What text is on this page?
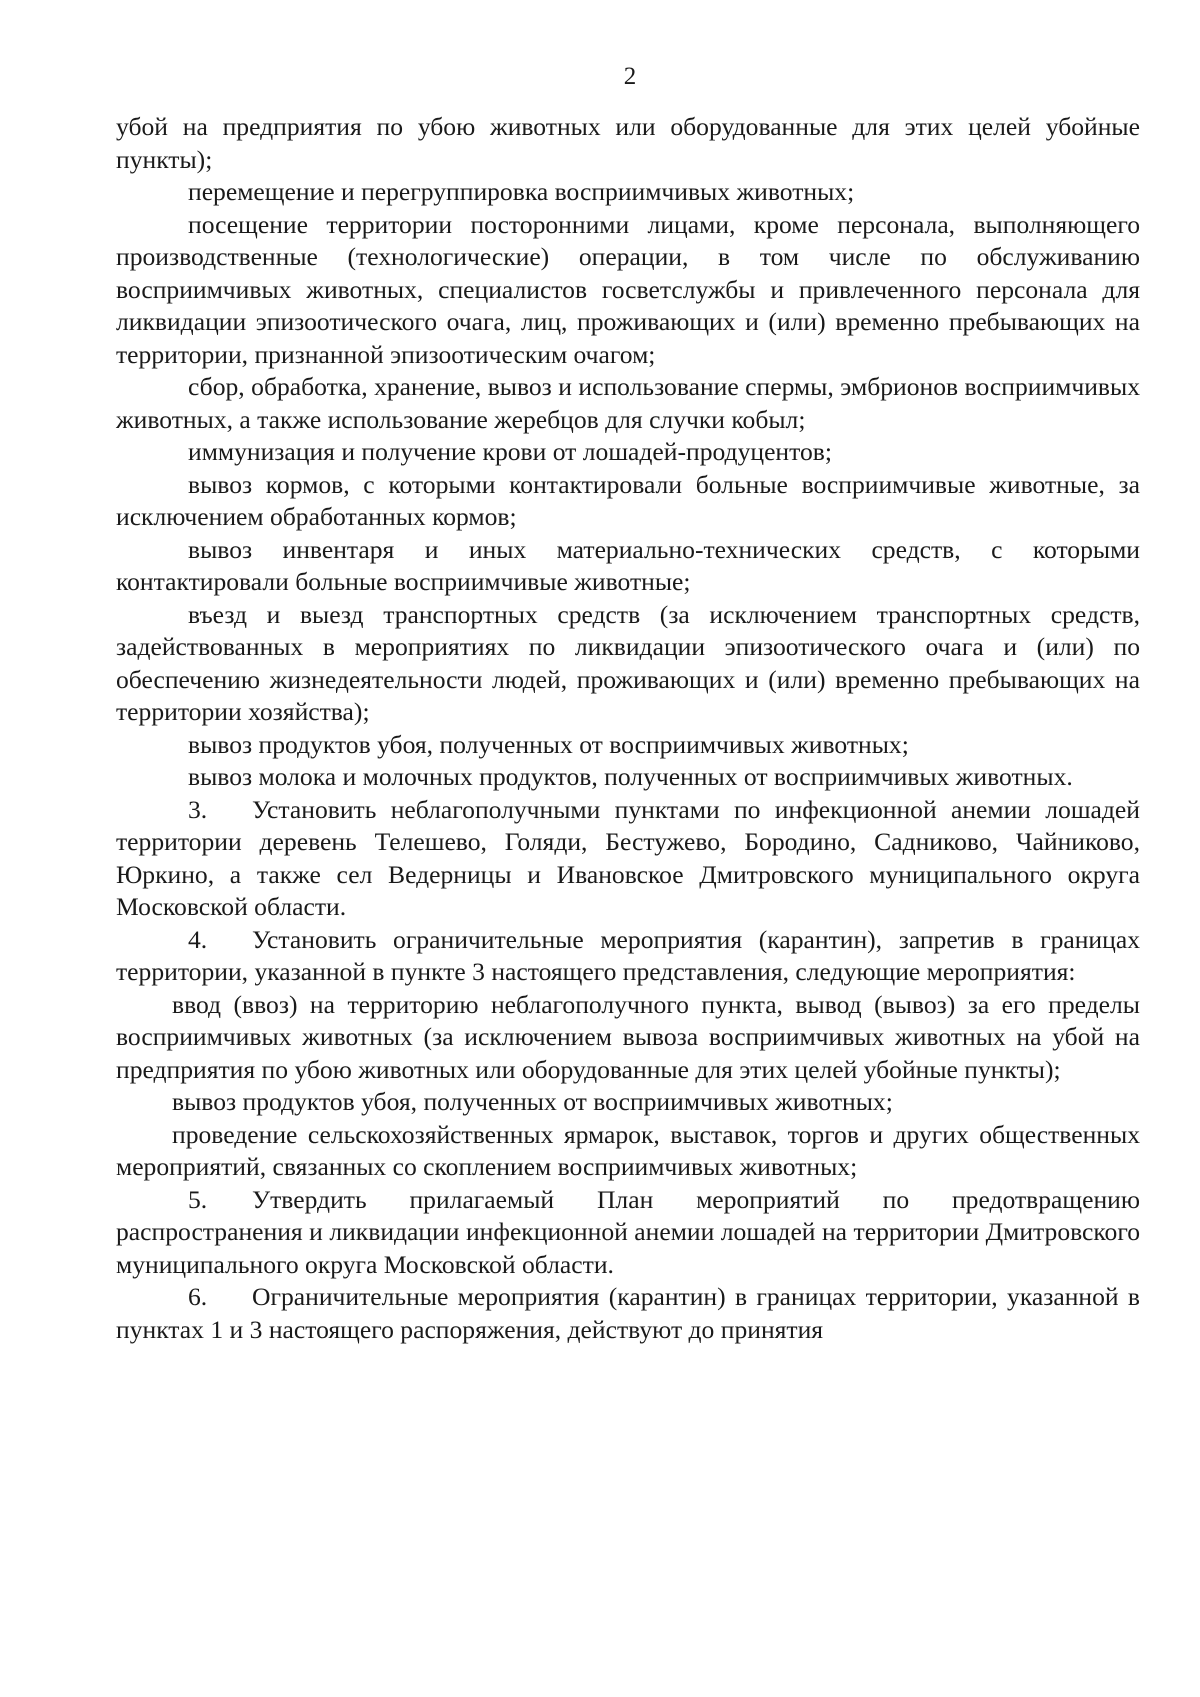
2

убой на предприятия по убою животных или оборудованные для этих целей убойные пункты);

перемещение и перегруппировка восприимчивых животных;

посещение территории посторонними лицами, кроме персонала, выполняющего производственные (технологические) операции, в том числе по обслуживанию восприимчивых животных, специалистов госветслужбы и привлеченного персонала для ликвидации эпизоотического очага, лиц, проживающих и (или) временно пребывающих на территории, признанной эпизоотическим очагом;

сбор, обработка, хранение, вывоз и использование спермы, эмбрионов восприимчивых животных, а также использование жеребцов для случки кобыл;

иммунизация и получение крови от лошадей-продуцентов;

вывоз кормов, с которыми контактировали больные восприимчивые животные, за исключением обработанных кормов;

вывоз инвентаря и иных материально-технических средств, с которыми контактировали больные восприимчивые животные;

въезд и выезд транспортных средств (за исключением транспортных средств, задействованных в мероприятиях по ликвидации эпизоотического очага и (или) по обеспечению жизнедеятельности людей, проживающих и (или) временно пребывающих на территории хозяйства);

вывоз продуктов убоя, полученных от восприимчивых животных;

вывоз молока и молочных продуктов, полученных от восприимчивых животных.

3. Установить неблагополучными пунктами по инфекционной анемии лошадей территории деревень Телешево, Голяди, Бестужево, Бородино, Садниково, Чайниково, Юркино, а также сел Ведерницы и Ивановское Дмитровского муниципального округа Московской области.

4. Установить ограничительные мероприятия (карантин), запретив в границах территории, указанной в пункте 3 настоящего представления, следующие мероприятия:

ввод (ввоз) на территорию неблагополучного пункта, вывод (вывоз) за его пределы восприимчивых животных (за исключением вывоза восприимчивых животных на убой на предприятия по убою животных или оборудованные для этих целей убойные пункты);

вывоз продуктов убоя, полученных от восприимчивых животных;

проведение сельскохозяйственных ярмарок, выставок, торгов и других общественных мероприятий, связанных со скоплением восприимчивых животных;

5. Утвердить прилагаемый План мероприятий по предотвращению распространения и ликвидации инфекционной анемии лошадей на территории Дмитровского муниципального округа Московской области.

6. Ограничительные мероприятия (карантин) в границах территории, указанной в пунктах 1 и 3 настоящего распоряжения, действуют до принятия
